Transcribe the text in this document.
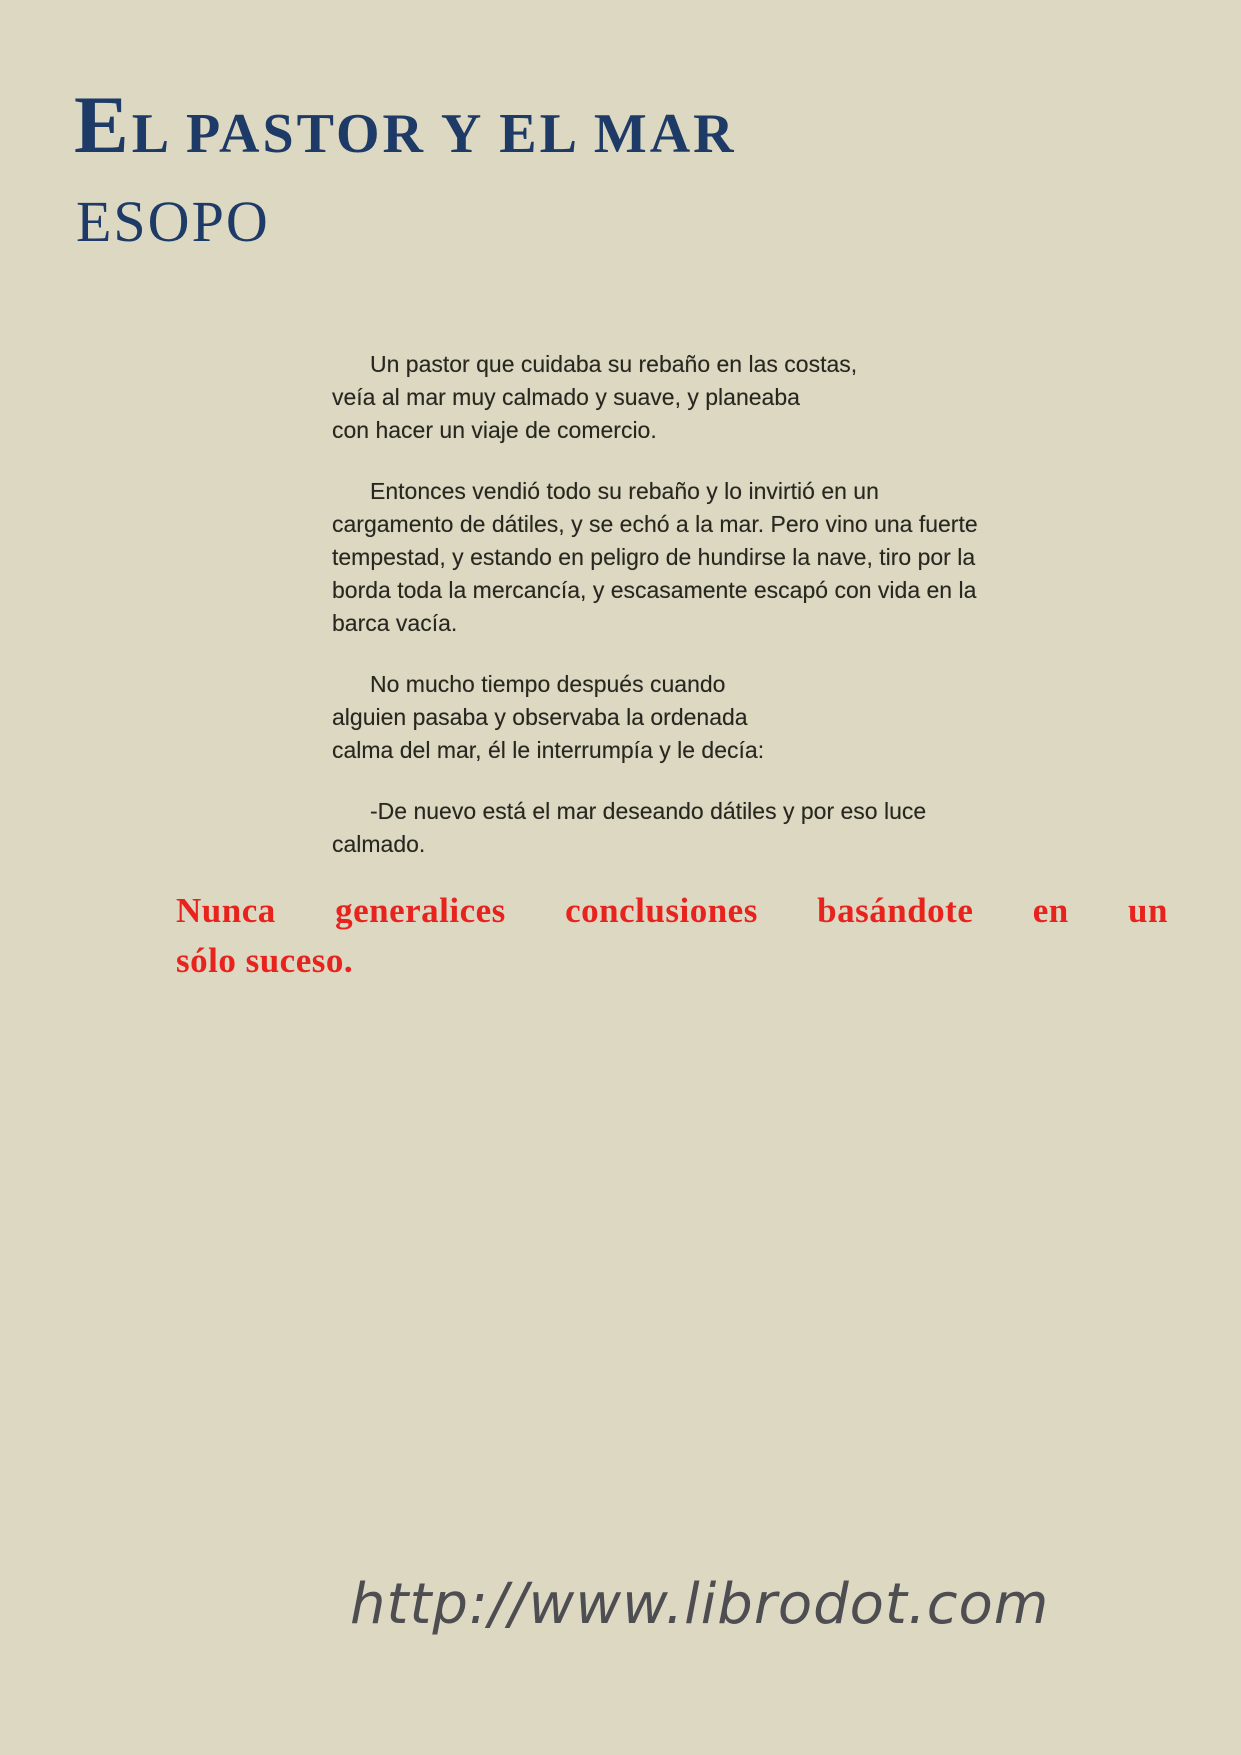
EL PASTOR Y EL MAR
ESOPO
Un pastor que cuidaba su rebaño en las costas,
veía al mar muy calmado y suave, y planeaba
con hacer un viaje de comercio.
Entonces vendió todo su rebaño y lo invirtió en un
cargamento de dátiles, y se echó a la mar. Pero vino una fuerte
tempestad, y estando en peligro de hundirse la nave, tiro por la
borda toda la mercancía, y escasamente escapó con vida en la
barca vacía.
No mucho tiempo después cuando
alguien pasaba y observaba la ordenada
calma del mar, él le interrumpía y le decía:
-De nuevo está el mar deseando dátiles y por eso luce
calmado.
Nunca generalices conclusiones basándote en un
sólo suceso.
http://www.librodot.com
